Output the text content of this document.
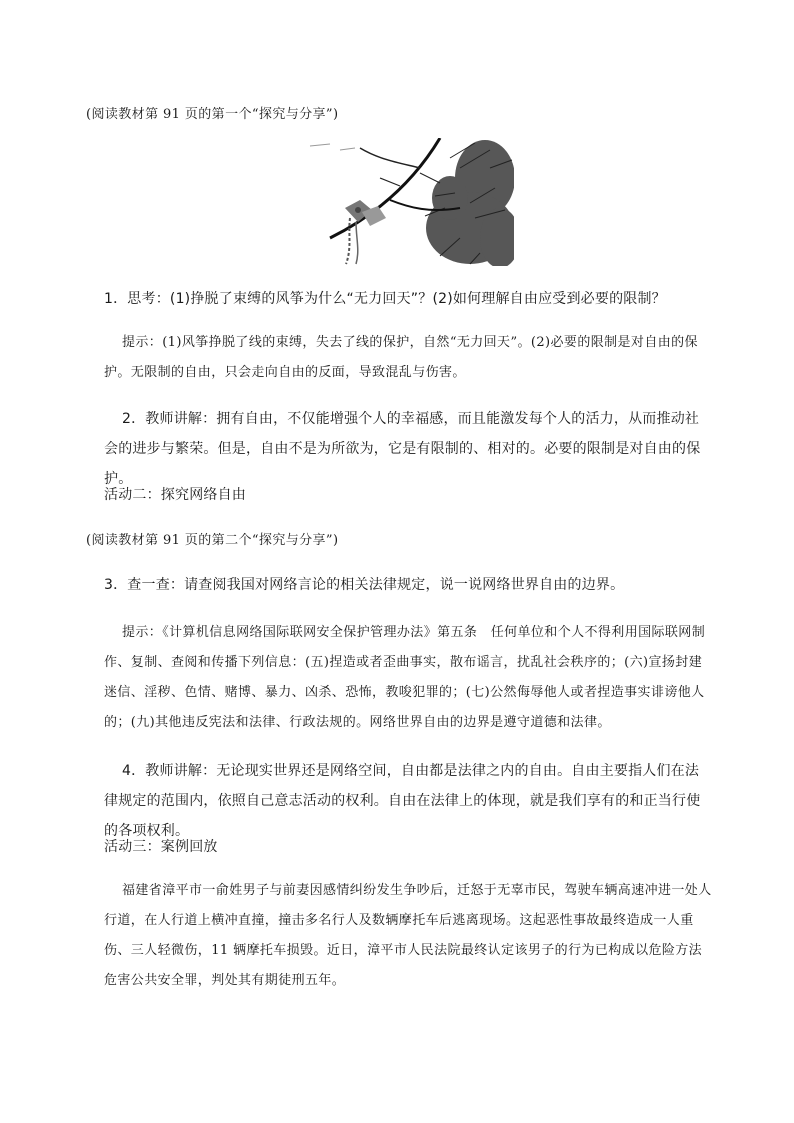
(阅读教材第 91 页的第一个“探究与分享”)

1．思考：(1)挣脱了束缚的风筝为什么“无力回天”？(2)如何理解自由应受到必要的限制？

提示：(1)风筝挣脱了线的束缚，失去了线的保护，自然“无力回天”。(2)必要的限制是对自由的保护。无限制的自由，只会走向自由的反面，导致混乱与伤害。

2．教师讲解：拥有自由，不仅能增强个人的幸福感，而且能激发每个人的活力，从而推动社会的进步与繁荣。但是，自由不是为所欲为，它是有限制的、相对的。必要的限制是对自由的保护。

活动二：探究网络自由

(阅读教材第 91 页的第二个“探究与分享”)

3．查一查：请查阅我国对网络言论的相关法律规定，说一说网络世界自由的边界。

提示：《计算机信息网络国际联网安全保护管理办法》第五条　任何单位和个人不得利用国际联网制作、复制、查阅和传播下列信息：(五)捏造或者歪曲事实，散布谣言，扰乱社会秩序的；(六)宣扬封建迷信、淫秽、色情、赌博、暴力、凶杀、恐怖，教唆犯罪的；(七)公然侮辱他人或者捏造事实诽谤他人的；(九)其他违反宪法和法律、行政法规的。网络世界自由的边界是遵守道德和法律。

4．教师讲解：无论现实世界还是网络空间，自由都是法律之内的自由。自由主要指人们在法律规定的范围内，依照自己意志活动的权利。自由在法律上的体现，就是我们享有的和正当行使的各项权利。

活动三：案例回放

福建省漳平市一俞姓男子与前妻因感情纠纷发生争吵后，迁怒于无辜市民，驾驶车辆高速冲进一处人行道，在人行道上横冲直撞，撞击多名行人及数辆摩托车后逃离现场。这起恶性事故最终造成一人重伤、三人轻微伤，11 辆摩托车损毁。近日，漳平市人民法院最终认定该男子的行为已构成以危险方法危害公共安全罪，判处其有期徒刑五年。
